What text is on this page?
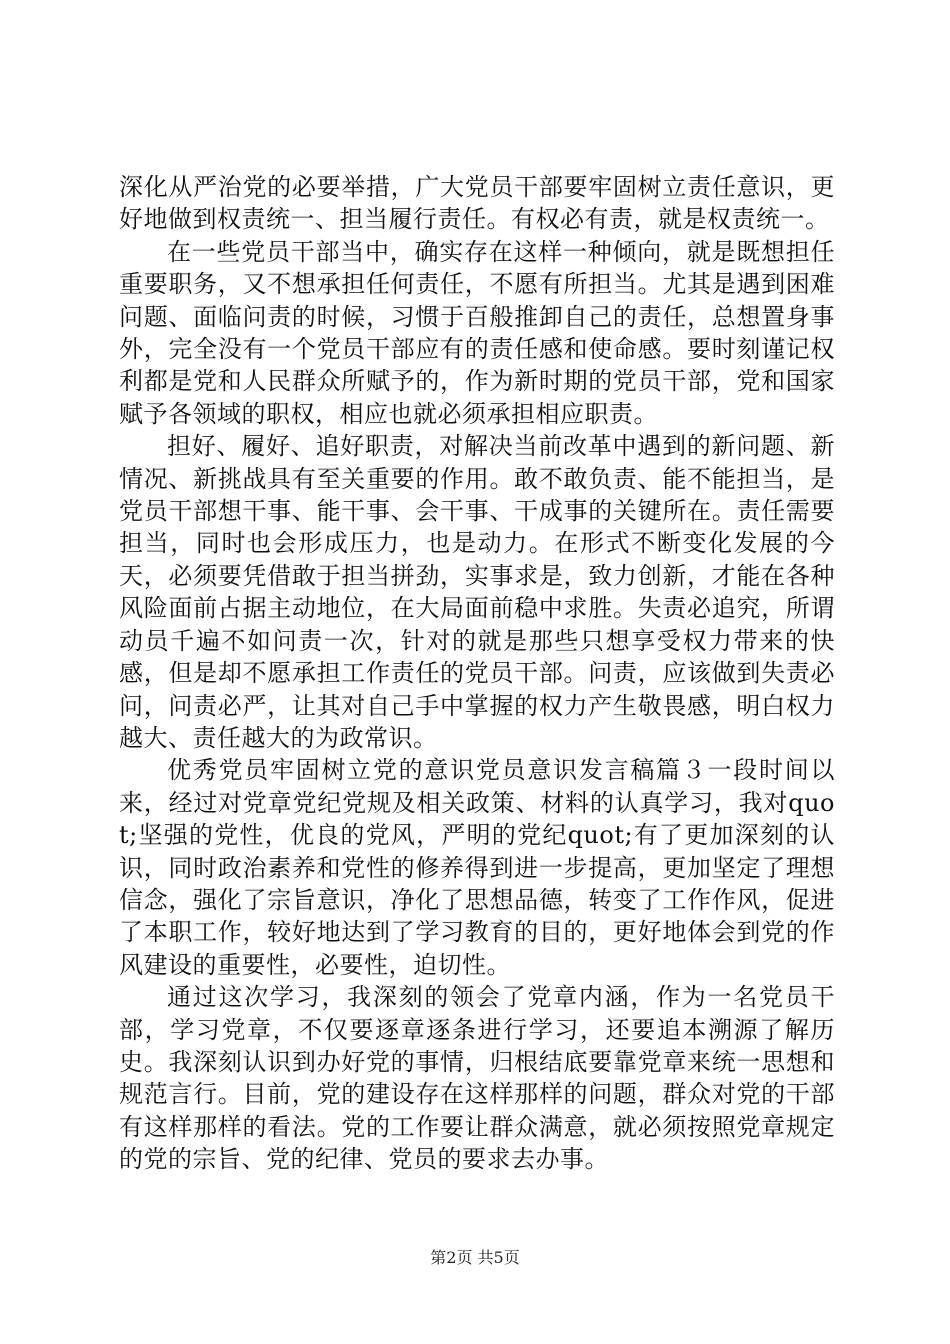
深化从严治党的必要举措，广大党员干部要牢固树立责任意识，更好地做到权责统一、担当履行责任。有权必有责，就是权责统一。

在一些党员干部当中，确实存在这样一种倾向，就是既想担任重要职务，又不想承担任何责任，不愿有所担当。尤其是遇到困难问题、面临问责的时候，习惯于百般推卸自己的责任，总想置身事外，完全没有一个党员干部应有的责任感和使命感。要时刻谨记权利都是党和人民群众所赋予的，作为新时期的党员干部，党和国家赋予各领域的职权，相应也就必须承担相应职责。

担好、履好、追好职责，对解决当前改革中遇到的新问题、新情况、新挑战具有至关重要的作用。敢不敢负责、能不能担当，是党员干部想干事、能干事、会干事、干成事的关键所在。责任需要担当，同时也会形成压力，也是动力。在形式不断变化发展的今天，必须要凭借敢于担当拼劲，实事求是，致力创新，才能在各种风险面前占据主动地位，在大局面前稳中求胜。失责必追究，所谓动员千遍不如问责一次，针对的就是那些只想享受权力带来的快感，但是却不愿承担工作责任的党员干部。问责，应该做到失责必问，问责必严，让其对自己手中掌握的权力产生敬畏感，明白权力越大、责任越大的为政常识。

优秀党员牢固树立党的意识党员意识发言稿篇３一段时间以来，经过对党章党纪党规及相关政策、材料的认真学习，我对quot;坚强的党性，优良的党风，严明的党纪quot;有了更加深刻的认识，同时政治素养和党性的修养得到进一步提高，更加坚定了理想信念，强化了宗旨意识，净化了思想品德，转变了工作作风，促进了本职工作，较好地达到了学习教育的目的，更好地体会到党的作风建设的重要性，必要性，迫切性。

通过这次学习，我深刻的领会了党章内涵，作为一名党员干部，学习党章，不仅要逐章逐条进行学习，还要追本溯源了解历史。我深刻认识到办好党的事情，归根结底要靠党章来统一思想和规范言行。目前，党的建设存在这样那样的问题，群众对党的干部有这样那样的看法。党的工作要让群众满意，就必须按照党章规定的党的宗旨、党的纪律、党员的要求去办事。

第2页 共5页
